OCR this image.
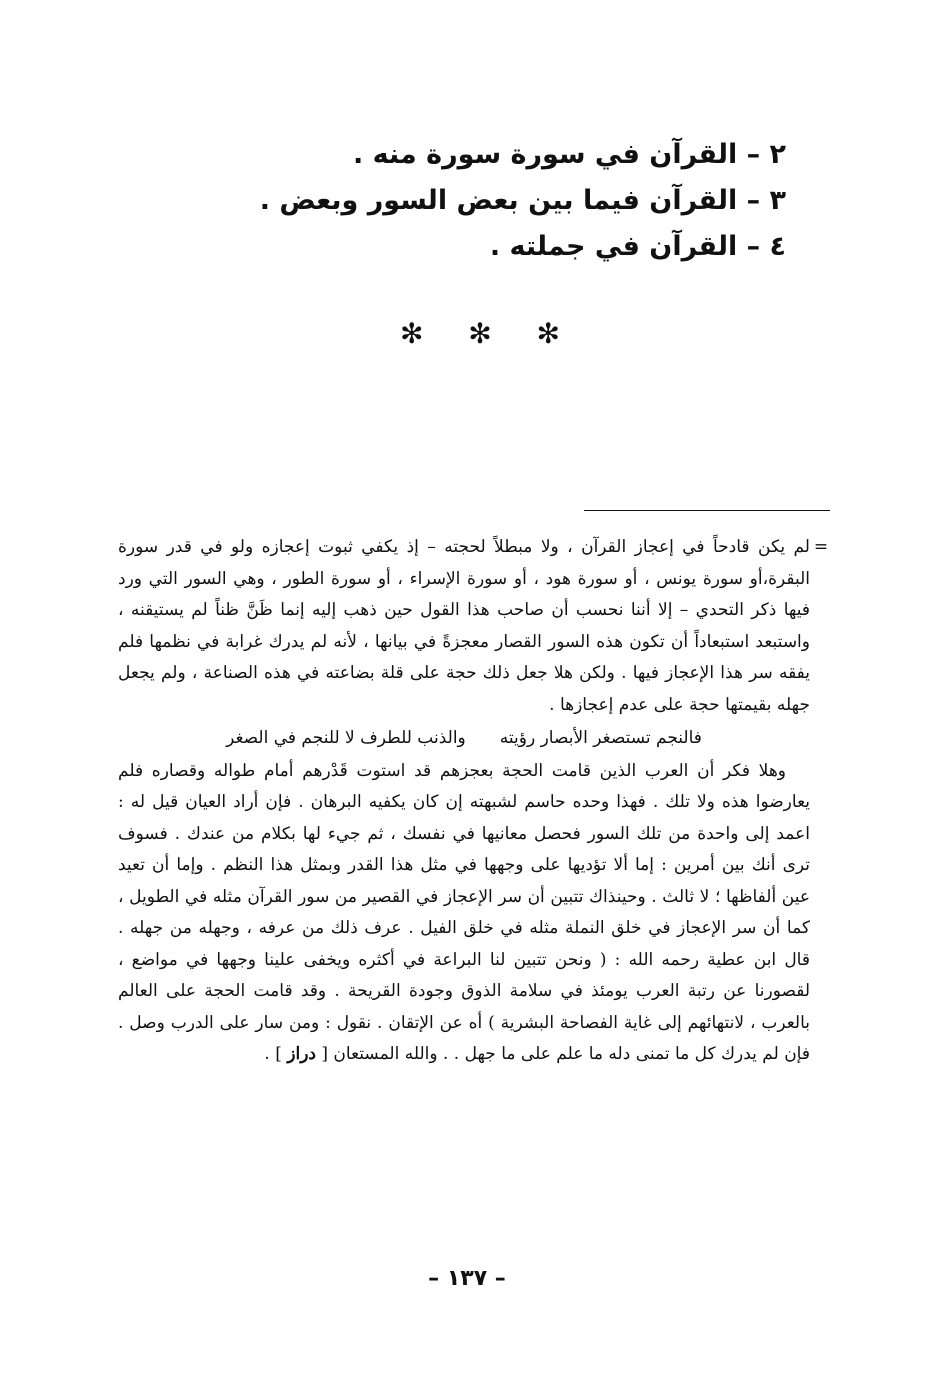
٢ – القرآن في سورة سورة منه .
٣ – القرآن فيما بين بعض السور وبعض .
٤ – القرآن في جملته .
✻ ✻ ✻
=

لم يكن قادحاً في إعجاز القرآن ، ولا مبطلاً لحجته – إذ يكفي ثبوت إعجازه ولو في قدر سورة البقرة،أو سورة يونس ، أو سورة هود ، أو سورة الإسراء ، أو سورة الطور ، وهي السور التي ورد فيها ذكر التحدي – إلا أننا نحسب أن صاحب هذا القول حين ذهب إليه إنما ظَنَّ ظناً لم يستيقنه ، واستبعد استبعاداً أن تكون هذه السور القصار معجزةً في بيانها ، لأنه لم يدرك غرابة في نظمها فلم يفقه سر هذا الإعجاز فيها . ولكن هلا جعل ذلك حجة على قلة بضاعته في هذه الصناعة ، ولم يجعل جهله بقيمتها حجة على عدم إعجازها .

فالنجم تستصغر الأبصار رؤيته
والذنب للطرف لا للنجم في الصغر

وهلا فكر أن العرب الذين قامت الحجة بعجزهم قد استوت قَدْرهم أمام طواله وقصاره فلم يعارضوا هذه ولا تلك . فهذا وحده حاسم لشبهته إن كان يكفيه البرهان . فإن أراد العيان قيل له : اعمد إلى واحدة من تلك السور فحصل معانيها في نفسك ، ثم جيء لها بكلام من عندك . فسوف ترى أنك بين أمرين : إما ألا تؤديها على وجهها في مثل هذا القدر وبمثل هذا النظم . وإما أن تعيد عين ألفاظها ؛ لا ثالث . وحينذاك تتبين أن سر الإعجاز في القصير من سور القرآن مثله في الطويل ، كما أن سر الإعجاز في خلق النملة مثله في خلق الفيل . عرف ذلك من عرفه ، وجهله من جهله . قال ابن عطية رحمه الله : ( ونحن تتبين لنا البراعة في أكثره ويخفى علينا وجهها في مواضع ، لقصورنا عن رتبة العرب يومئذ في سلامة الذوق وجودة القريحة . وقد قامت الحجة على العالم بالعرب ، لانتهائهم إلى غاية الفصاحة البشرية ) أه عن الإتقان . نقول : ومن سار على الدرب وصل . فإن لم يدرك كل ما تمنى دله ما علم على ما جهل . . والله المستعان [ دراز ] .

– ١٣٧ –
